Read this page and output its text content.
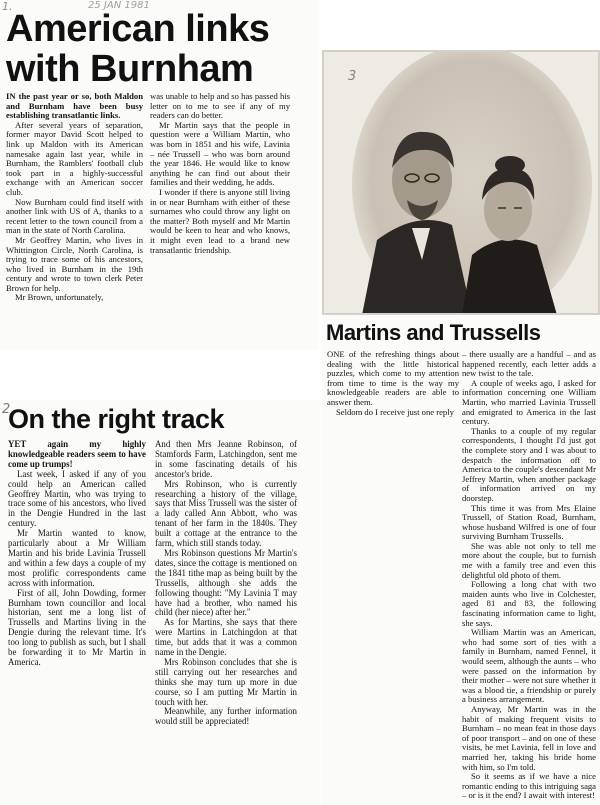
1.	25 JAN 1981
American links
with Burnham

IN the past year or so, both Maldon and Burnham have been busy establishing transatlantic links.

After several years of separation, former mayor David Scott helped to link up Maldon with its American namesake again last year, while in Burnham, the Ramblers' football club took part in a highly-successful exchange with an American soccer club.

Now Burnham could find itself with another link with US of A, thanks to a recent letter to the town council from a man in the state of North Carolina.

Mr Geoffrey Martin, who lives in Whittington Circle, North Carolina, is trying to trace some of his ancestors, who lived in Burnham in the 19th century and wrote to town clerk Peter Brown for help.

Mr Brown, unfortunately,

was unable to help and so has passed his letter on to me to see if any of my readers can do better.

Mr Martin says that the people in question were a William Martin, who was born in 1851 and his wife, Lavinia – née Trussell – who was born around the year 1846. He would like to know anything he can find out about their families and their wedding, he adds.

I wonder if there is anyone still living in or near Burnham with either of these surnames who could throw any light on the matter? Both myself and Mr Martin would be keen to hear and who knows, it might even lead to a brand new transatlantic friendship.

3
Martins and Trussells

ONE of the refreshing things about dealing with the little historical puzzles, which come to my attention from time to time is the way my knowledgeable readers are able to answer them.

Seldom do I receive just one reply

– there usually are a handful – and as happened recently, each letter adds a new twist to the tale.

A couple of weeks ago, I asked for information concerning one William Martin, who married Lavinia Trussell and emigrated to America in the last century.

Thanks to a couple of my regular correspondents, I thought I'd just got the complete story and I was about to despatch the information off to America to the couple's descendant Mr Jeffrey Martin, when another package of information arrived on my doorstep.

This time it was from Mrs Elaine Trussell, of Station Road, Burnham, whose husband Wilfred is one of four surviving Burnham Trussells.

She was able not only to tell me more about the couple, but to furnish me with a family tree and even this delightful old photo of them.

Following a long chat with two maiden aunts who live in Colchester, aged 81 and 83, the following fascinating information came to light, she says.

William Martin was an American, who had some sort of ties with a family in Burnham, named Fennel, it would seem, although the aunts – who were passed on the information by their mother – were not sure whether it was a blood tie, a friendship or purely a business arrangement.

Anyway, Mr Martin was in the habit of making frequent visits to Burnham – no mean feat in those days of poor transport – and on one of these visits, he met Lavinia, fell in love and married her, taking his bride home with him, so I'm told.

So it seems as if we have a nice romantic ending to this intriguing saga – or is it the end? I await with interest!

2
On the right track

YET again my highly knowledgeable readers seem to have come up trumps!

Last week, I asked if any of you could help an American called Geoffrey Martin, who was trying to trace some of his ancestors, who lived in the Dengie Hundred in the last century.

Mr Martin wanted to know, particularly about a Mr William Martin and his bride Lavinia Trussell and within a few days a couple of my most prolific correspondents came across with information.

First of all, John Dowding, former Burnham town councillor and local historian, sent me a long list of Trussells and Martins living in the Dengie during the relevant time. It's too long to publish as such, but I shall be forwarding it to Mr Martin in America.

And then Mrs Jeanne Robinson, of Stamfords Farm, Latchingdon, sent me in some fascinating details of his ancestor's bride.

Mrs Robinson, who is currently researching a history of the village, says that Miss Trussell was the sister of a lady called Ann Abbott, who was tenant of her farm in the 1840s. They built a cottage at the entrance to the farm, which still stands today.

Mrs Robinson questions Mr Martin's dates, since the cottage is mentioned on the 1841 tithe map as being built by the Trussells, although she adds the following thought: "My Lavinia T may have had a brother, who named his child (her niece) after her."

As for Martins, she says that there were Martins in Latchingdon at that time, but adds that it was a common name in the Dengie.

Mrs Robinson concludes that she is still carrying out her researches and thinks she may turn up more in due course, so I am putting Mr Martin in touch with her.

Meanwhile, any further information would still be appreciated!
